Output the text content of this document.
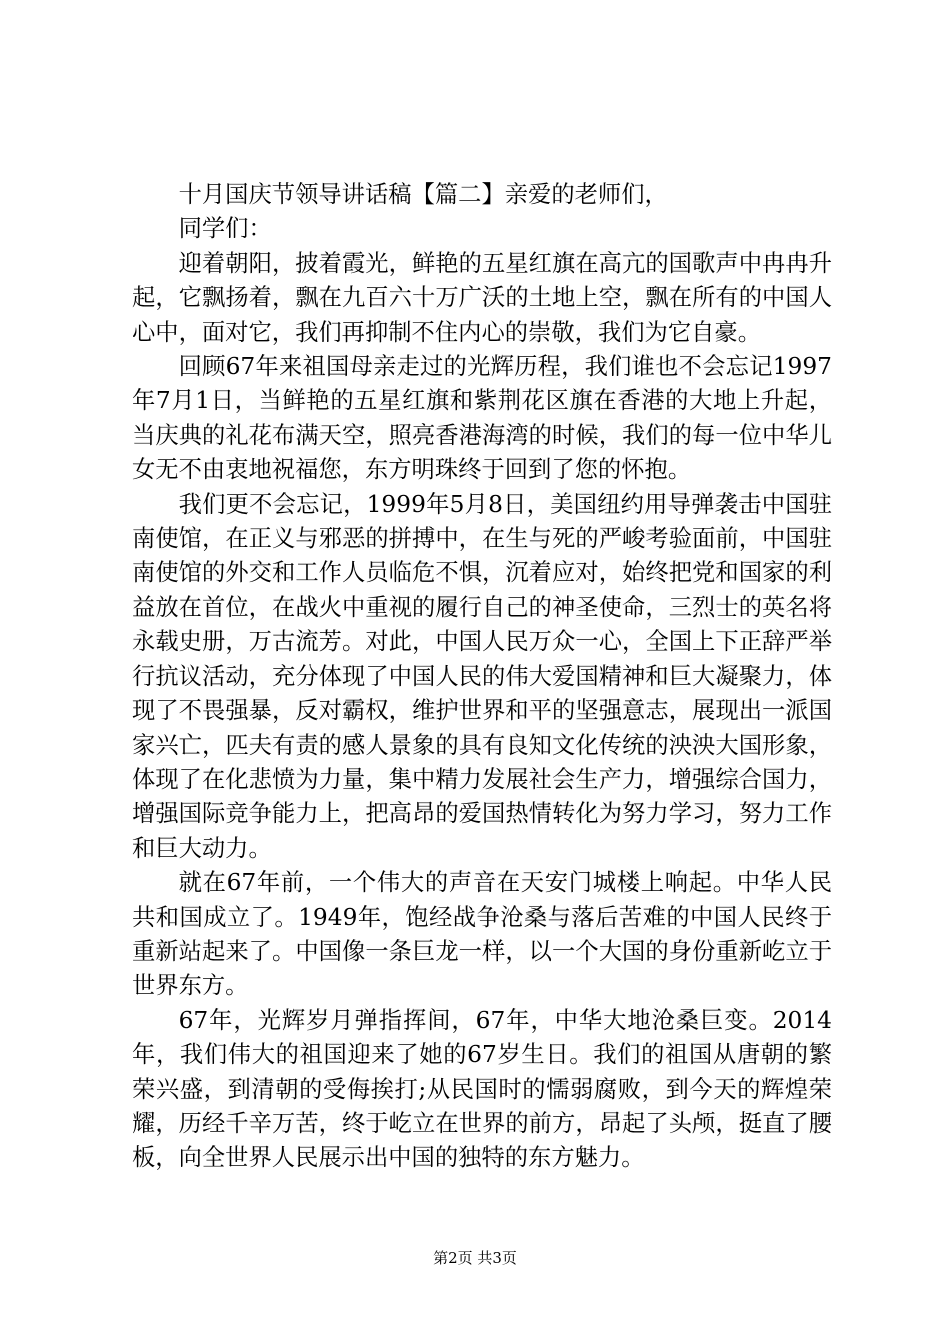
十月国庆节领导讲话稿【篇二】亲爱的老师们，

同学们：

迎着朝阳，披着霞光，鲜艳的五星红旗在高亢的国歌声中冉冉升起，它飘扬着，飘在九百六十万广沃的土地上空，飘在所有的中国人心中，面对它，我们再抑制不住内心的崇敬，我们为它自豪。

回顾67年来祖国母亲走过的光辉历程，我们谁也不会忘记1997年7月1日，当鲜艳的五星红旗和紫荆花区旗在香港的大地上升起，当庆典的礼花布满天空，照亮香港海湾的时候，我们的每一位中华儿女无不由衷地祝福您，东方明珠终于回到了您的怀抱。

我们更不会忘记，1999年5月8日，美国纽约用导弹袭击中国驻南使馆，在正义与邪恶的拼搏中，在生与死的严峻考验面前，中国驻南使馆的外交和工作人员临危不惧，沉着应对，始终把党和国家的利益放在首位，在战火中重视的履行自己的神圣使命，三烈士的英名将永载史册，万古流芳。对此，中国人民万众一心，全国上下正辞严举行抗议活动，充分体现了中国人民的伟大爱国精神和巨大凝聚力，体现了不畏强暴，反对霸权，维护世界和平的坚强意志，展现出一派国家兴亡，匹夫有责的感人景象的具有良知文化传统的泱泱大国形象，体现了在化悲愤为力量，集中精力发展社会生产力，增强综合国力，增强国际竞争能力上，把高昂的爱国热情转化为努力学习，努力工作和巨大动力。

就在67年前，一个伟大的声音在天安门城楼上响起。中华人民共和国成立了。1949年，饱经战争沧桑与落后苦难的中国人民终于重新站起来了。中国像一条巨龙一样，以一个大国的身份重新屹立于世界东方。

67年，光辉岁月弹指挥间，67年，中华大地沧桑巨变。2014年，我们伟大的祖国迎来了她的67岁生日。我们的祖国从唐朝的繁荣兴盛，到清朝的受侮挨打;从民国时的懦弱腐败，到今天的辉煌荣耀，历经千辛万苦，终于屹立在世界的前方，昂起了头颅，挺直了腰板，向全世界人民展示出中国的独特的东方魅力。

第2页 共3页
